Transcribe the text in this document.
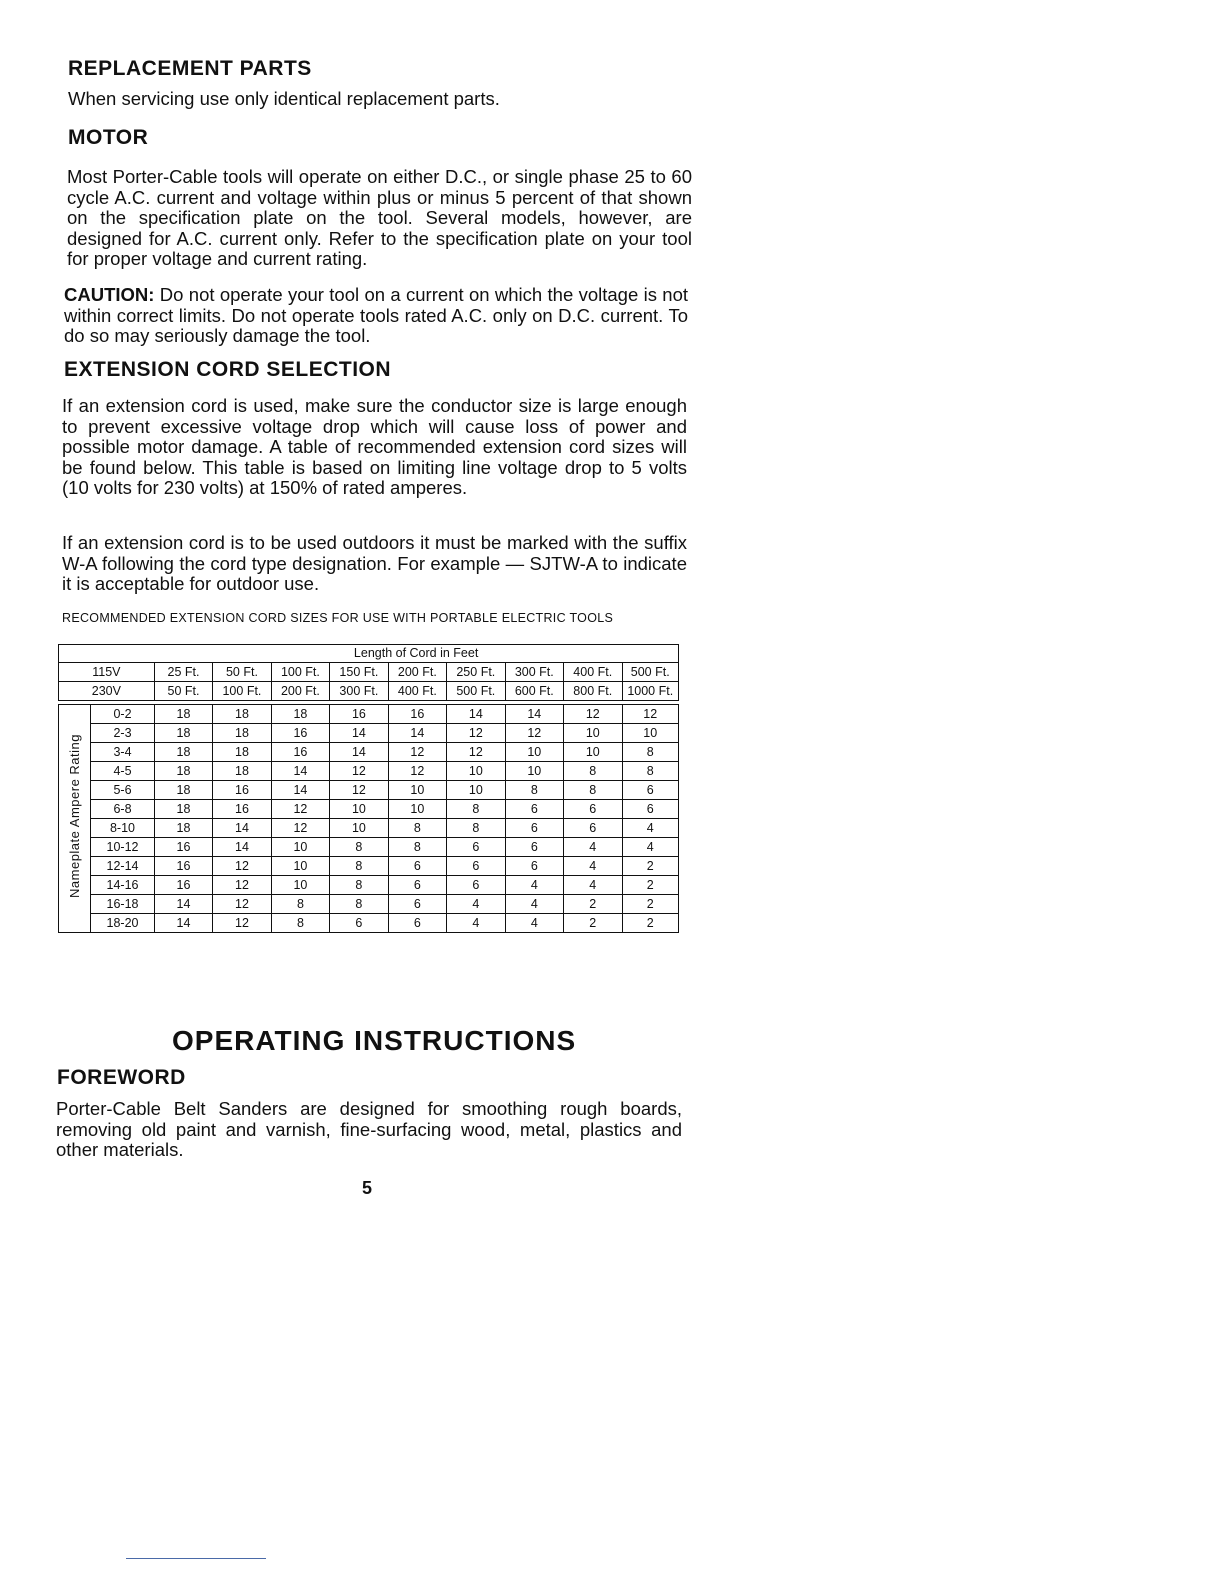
REPLACEMENT PARTS

When servicing use only identical replacement parts.

MOTOR

Most Porter-Cable tools will operate on either D.C., or single phase 25 to 60 cycle A.C. current and voltage within plus or minus 5 percent of that shown on the specification plate on the tool. Several models, however, are designed for A.C. current only. Refer to the specification plate on your tool for proper voltage and current rating.

CAUTION: Do not operate your tool on a current on which the voltage is not within correct limits. Do not operate tools rated A.C. only on D.C. current. To do so may seriously damage the tool.

EXTENSION CORD SELECTION

If an extension cord is used, make sure the conductor size is large enough to prevent excessive voltage drop which will cause loss of power and possible motor damage. A table of recommended extension cord sizes will be found below. This table is based on limiting line voltage drop to 5 volts (10 volts for 230 volts) at 150% of rated amperes.

If an extension cord is to be used outdoors it must be marked with the suffix W-A following the cord type designation. For example — SJTW-A to indicate it is acceptable for outdoor use.

RECOMMENDED EXTENSION CORD SIZES FOR USE WITH PORTABLE ELECTRIC TOOLS

		Length of Cord in Feet								
115V		25 Ft.	50 Ft.	100 Ft.	150 Ft.	200 Ft.	250 Ft.	300 Ft.	400 Ft.	500 Ft.
230V		50 Ft.	100 Ft.	200 Ft.	300 Ft.	400 Ft.	500 Ft.	600 Ft.	800 Ft.	1000 Ft.

Nameplate Ampere Rating	0-2	18	18	18	16	16	14	14	12	12
	2-3	18	18	16	14	14	12	12	10	10
	3-4	18	18	16	14	12	12	10	10	8
	4-5	18	18	14	12	12	10	10	8	8
	5-6	18	16	14	12	10	10	8	8	6
	6-8	18	16	12	10	10	8	6	6	6
	8-10	18	14	12	10	8	8	6	6	4
	10-12	16	14	10	8	8	6	6	4	4
	12-14	16	12	10	8	6	6	6	4	2
	14-16	16	12	10	8	6	6	4	4	2
	16-18	14	12	8	8	6	4	4	2	2
	18-20	14	12	8	6	6	4	4	2	2
OPERATING INSTRUCTIONS
FOREWORD

Porter-Cable Belt Sanders are designed for smoothing rough boards, removing old paint and varnish, fine-surfacing wood, metal, plastics and other materials.

5
